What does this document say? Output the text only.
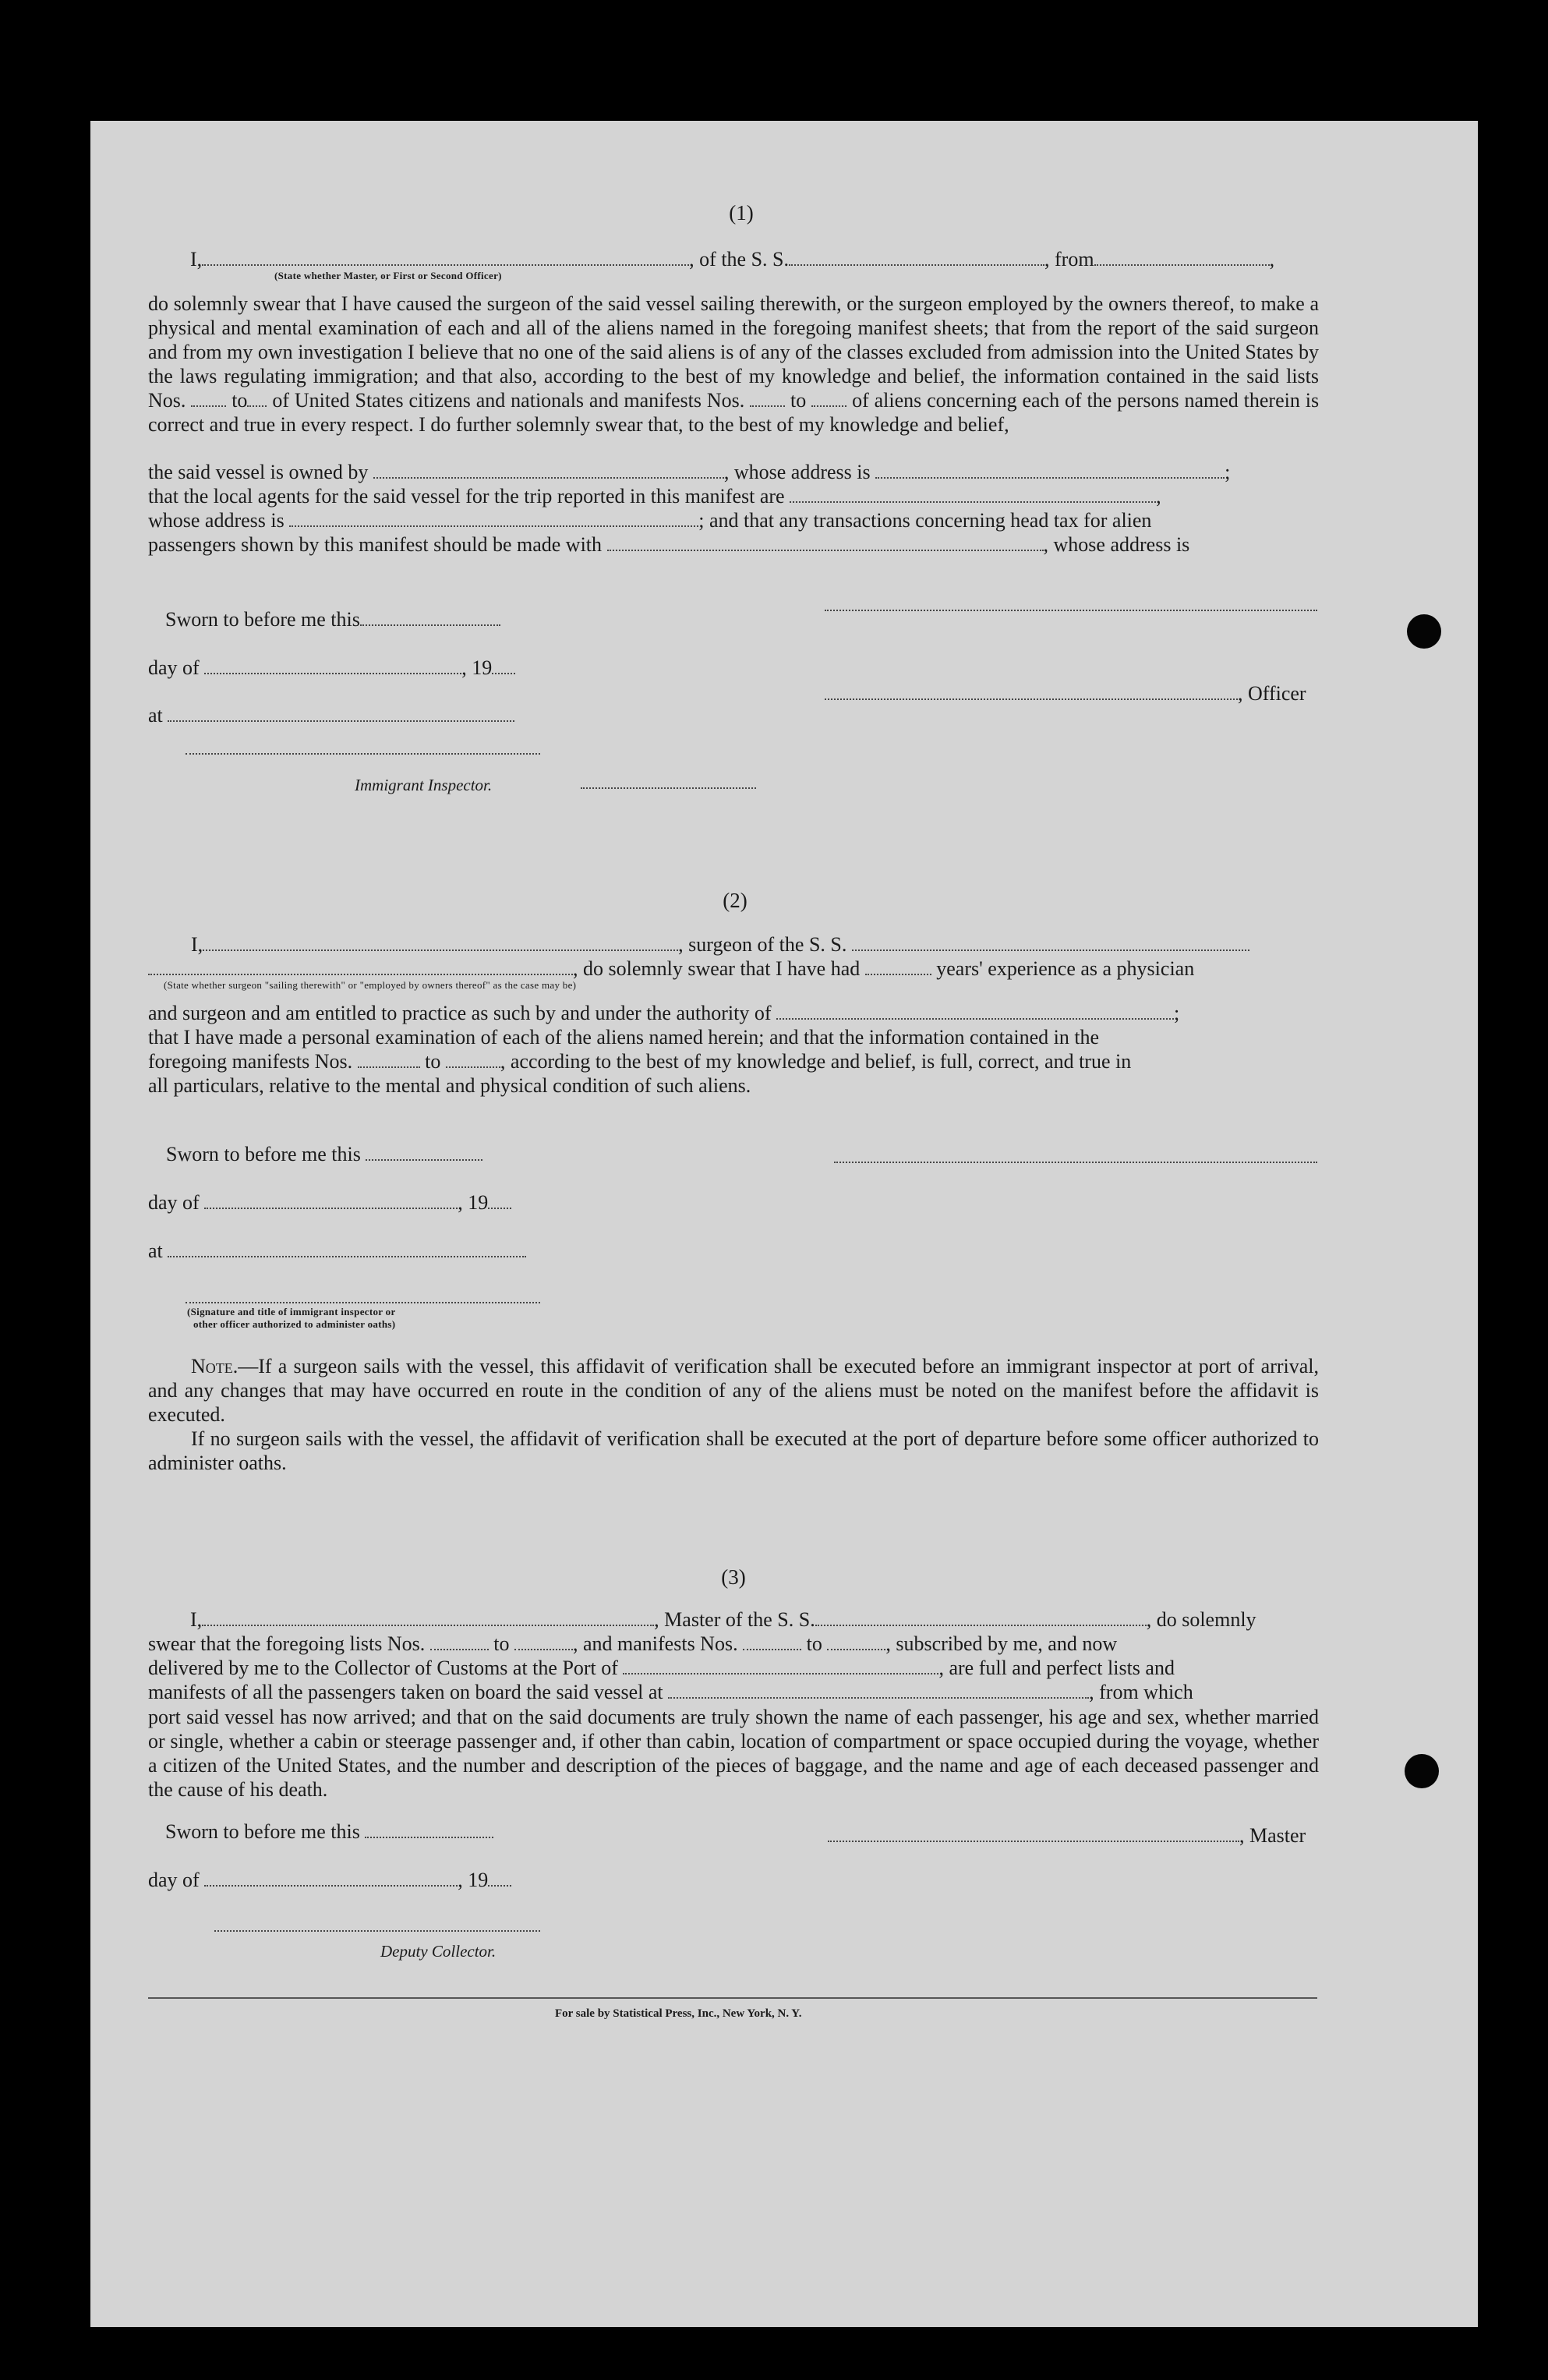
(1)
I,	, of the S. S.	, from	,
(State whether Master, or First or Second Officer)
do solemnly swear that I have caused the surgeon of the said vessel sailing therewith, or the surgeon employed by the owners thereof, to make a physical and mental examination of each and all of the aliens named in the foregoing manifest sheets; that from the report of the said surgeon and from my own investigation I believe that no one of the said aliens is of any of the classes excluded from admission into the United States by the laws regulating immigration; and that also, according to the best of my knowledge and belief, the information contained in the said lists Nos. to of United States citizens and nationals and manifests Nos. to of aliens concerning each of the persons named therein is correct and true in every respect. I do further solemnly swear that, to the best of my knowledge and belief,
the said vessel is owned by	, whose address is	;
that the local agents for the said vessel for the trip reported in this manifest are	,
whose address is	; and that any transactions concerning head tax for alien
passengers shown by this manifest should be made with	, whose address is
Sworn to before me this
day of	, 19
, Officer
at
Immigrant Inspector.
(2)
I,	, surgeon of the S. S.
, do solemnly swear that I have had	years' experience as a physician
(State whether surgeon "sailing therewith" or "employed by owners thereof" as the case may be)
and surgeon and am entitled to practice as such by and under the authority of	;
that I have made a personal examination of each of the aliens named herein; and that the information contained in the
foregoing manifests Nos.	to	, according to the best of my knowledge and belief, is full, correct, and true in
all particulars, relative to the mental and physical condition of such aliens.
Sworn to before me this
day of	, 19
at
(Signature and title of immigrant inspector or
other officer authorized to administer oaths)
Note.—If a surgeon sails with the vessel, this affidavit of verification shall be executed before an immigrant inspector at port of arrival, and any changes that may have occurred en route in the condition of any of the aliens must be noted on the manifest before the affidavit is executed.
If no surgeon sails with the vessel, the affidavit of verification shall be executed at the port of departure before some officer authorized to administer oaths.
(3)
I,	, Master of the S. S.	, do solemnly
swear that the foregoing lists Nos.	to	, and manifests Nos.	to	, subscribed by me, and now
delivered by me to the Collector of Customs at the Port of	, are full and perfect lists and
manifests of all the passengers taken on board the said vessel at	, from which
port said vessel has now arrived; and that on the said documents are truly shown the name of each passenger, his age and sex, whether married or single, whether a cabin or steerage passenger and, if other than cabin, location of compartment or space occupied during the voyage, whether a citizen of the United States, and the number and description of the pieces of baggage, and the name and age of each deceased passenger and the cause of his death.
Sworn to before me this	, Master
day of	, 19
Deputy Collector.
For sale by Statistical Press, Inc., New York, N. Y.
